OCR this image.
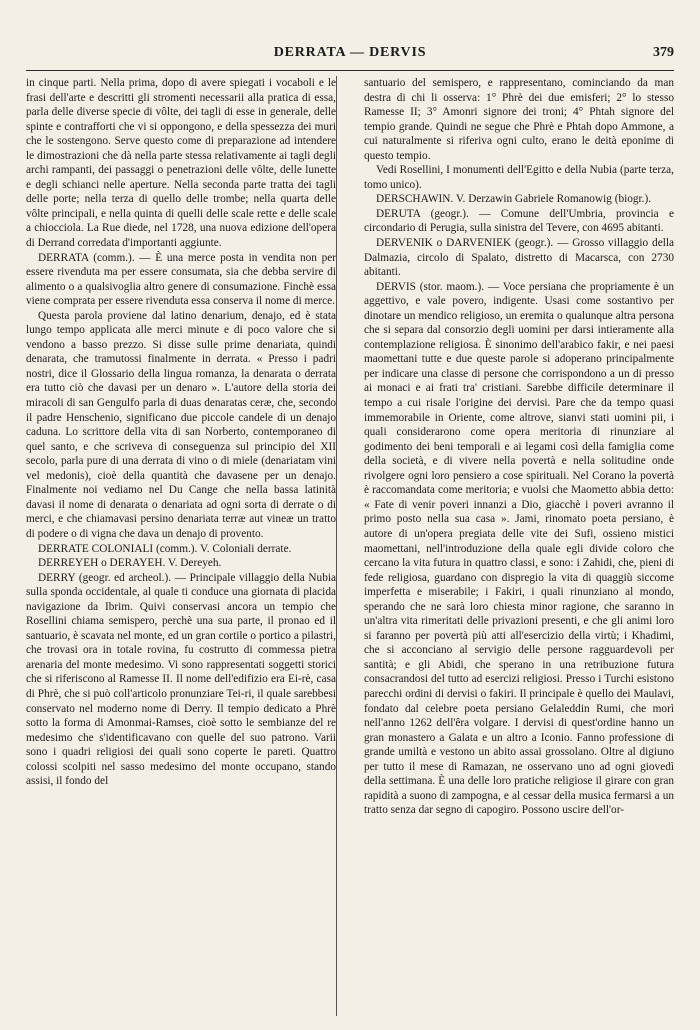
DERRATA — DERVIS	379

in cinque parti. Nella prima, dopo di avere spiegati i vocaboli e le frasi dell'arte e descritti gli stromenti necessarii alla pratica di essa, parla delle diverse specie di vôlte, dei tagli di esse in generale, delle spinte e contrafforti che vi si oppongono, e della spessezza dei muri che le sostengono. Serve questo come di preparazione ad intendere le dimostrazioni che dà nella parte stessa relativamente ai tagli degli archi rampanti, dei passaggi o penetrazioni delle vôlte, delle lunette e degli schianci nelle aperture. Nella seconda parte tratta dei tagli delle porte; nella terza di quello delle trombe; nella quarta delle vôlte principali, e nella quinta di quelli delle scale rette e delle scale a chiocciola. La Rue diede, nel 1728, una nuova edizione dell'opera di Derrand corredata d'importanti aggiunte.

DERRATA (comm.). — È una merce posta in vendita non per essere rivenduta ma per essere consumata, sia che debba servire di alimento o a qualsivoglia altro genere di consumazione. Finchè essa viene comprata per essere rivenduta essa conserva il nome di merce.

Questa parola proviene dal latino denarium, denajo, ed è stata lungo tempo applicata alle merci minute e di poco valore che si vendono a basso prezzo. Si disse sulle prime denariata, quindi denarata, che tramutossi finalmente in derrata. « Presso i padri nostri, dice il Glossario della lingua romanza, la denarata o derrata era tutto ciò che davasi per un denaro ». L'autore della storia dei miracoli di san Gengulfo parla di duas denaratas ceræ, che, secondo il padre Henschenio, significano due piccole candele di un denajo caduna. Lo scrittore della vita di san Norberto, contemporaneo di quel santo, e che scriveva di conseguenza sul principio del XII secolo, parla pure di una derrata di vino o di miele (denariatam vini vel medonis), cioè della quantità che davasene per un denajo. Finalmente noi vediamo nel Du Cange che nella bassa latinità davasi il nome di denarata o denariata ad ogni sorta di derrate o di merci, e che chiamavasi persino denariata terræ aut vineæ un tratto di podere o di vigna che dava un denajo di provento.

DERRATE COLONIALI (comm.). V. Coloniali derrate.

DERREYEH o DERAYEH. V. Dereyeh.

DERRY (geogr. ed archeol.). — Principale villaggio della Nubia sulla sponda occidentale, al quale ti conduce una giornata di placida navigazione da Ibrim. Quivi conservasi ancora un tempio che Rosellini chiama semispero, perchè una sua parte, il pronao ed il santuario, è scavata nel monte, ed un gran cortile o portico a pilastri, che trovasi ora in totale rovina, fu costrutto di commessa pietra arenaria del monte medesimo. Vi sono rappresentati soggetti storici che si riferiscono al Ramesse II. Il nome dell'edifizio era Ei-rè, casa di Phrè, che si può coll'articolo pronunziare Tei-ri, il quale sarebbesi conservato nel moderno nome di Derry. Il tempio dedicato a Phrè sotto la forma di Amonmai-Ramses, cioè sotto le sembianze del re medesimo che s'identificavano con quelle del suo patrono. Varii sono i quadri religiosi dei quali sono coperte le pareti. Quattro colossi scolpiti nel sasso medesimo del monte occupano, stando assisi, il fondo del

santuario del semispero, e rappresentano, cominciando da man destra di chi li osserva: 1° Phrè dei due emisferi; 2° lo stesso Ramesse II; 3° Amonri signore dei troni; 4° Phtah signore del tempio grande. Quindi ne segue che Phrè e Phtah dopo Ammone, a cui naturalmente si riferiva ogni culto, erano le deità eponime di questo tempio.

Vedi Rosellini, I monumenti dell'Egitto e della Nubia (parte terza, tomo unico).

DERSCHAWIN. V. Derzawin Gabriele Romanowig (biogr.).

DERUTA (geogr.). — Comune dell'Umbria, provincia e circondario di Perugia, sulla sinistra del Tevere, con 4695 abitanti.

DERVENIK o DARVENIEK (geogr.). — Grosso villaggio della Dalmazia, circolo di Spalato, distretto di Macarsca, con 2730 abitanti.

DERVIS (stor. maom.). — Voce persiana che propriamente è un aggettivo, e vale povero, indigente. Usasi come sostantivo per dinotare un mendico religioso, un eremita o qualunque altra persona che si separa dal consorzio degli uomini per darsi intieramente alla contemplazione religiosa. È sinonimo dell'arabico fakir, e nei paesi maomettani tutte e due queste parole si adoperano principalmente per indicare una classe di persone che corrispondono a un di presso ai monaci e ai frati tra' cristiani. Sarebbe difficile determinare il tempo a cui risale l'origine dei dervisi. Pare che da tempo quasi immemorabile in Oriente, come altrove, sianvi stati uomini pii, i quali considerarono come opera meritoria di rinunziare al godimento dei beni temporali e ai legami così della famiglia come della società, e di vivere nella povertà e nella solitudine onde rivolgere ogni loro pensiero a cose spirituali. Nel Corano la povertà è raccomandata come meritoria; e vuolsi che Maometto abbia detto: « Fate di venir poveri innanzi a Dio, giacchè i poveri avranno il primo posto nella sua casa ». Jami, rinomato poeta persiano, è autore di un'opera pregiata delle vite dei Sufi, ossieno mistici maomettani, nell'introduzione della quale egli divide coloro che cercano la vita futura in quattro classi, e sono: i Zahidi, che, pieni di fede religiosa, guardano con dispregio la vita di quaggiù siccome imperfetta e miserabile; i Fakiri, i quali rinunziano al mondo, sperando che ne sarà loro chiesta minor ragione, che saranno in un'altra vita rimeritati delle privazioni presenti, e che gli animi loro si faranno per povertà più atti all'esercizio della virtù; i Khadimi, che si acconciano al servigio delle persone ragguardevoli per santità; e gli Abidi, che sperano in una retribuzione futura consacrandosi del tutto ad esercizi religiosi. Presso i Turchi esistono parecchi ordini di dervisi o fakiri. Il principale è quello dei Maulavi, fondato dal celebre poeta persiano Gelaleddin Rumi, che morì nell'anno 1262 dell'êra volgare. I dervisi di quest'ordine hanno un gran monastero a Galata e un altro a Iconio. Fanno professione di grande umiltà e vestono un abito assai grossolano. Oltre al digiuno per tutto il mese di Ramazan, ne osservano uno ad ogni giovedì della settimana. È una delle loro pratiche religiose il girare con gran rapidità a suono di zampogna, e al cessar della musica fermarsi a un tratto senza dar segno di capogiro. Possono uscire dell'or-
